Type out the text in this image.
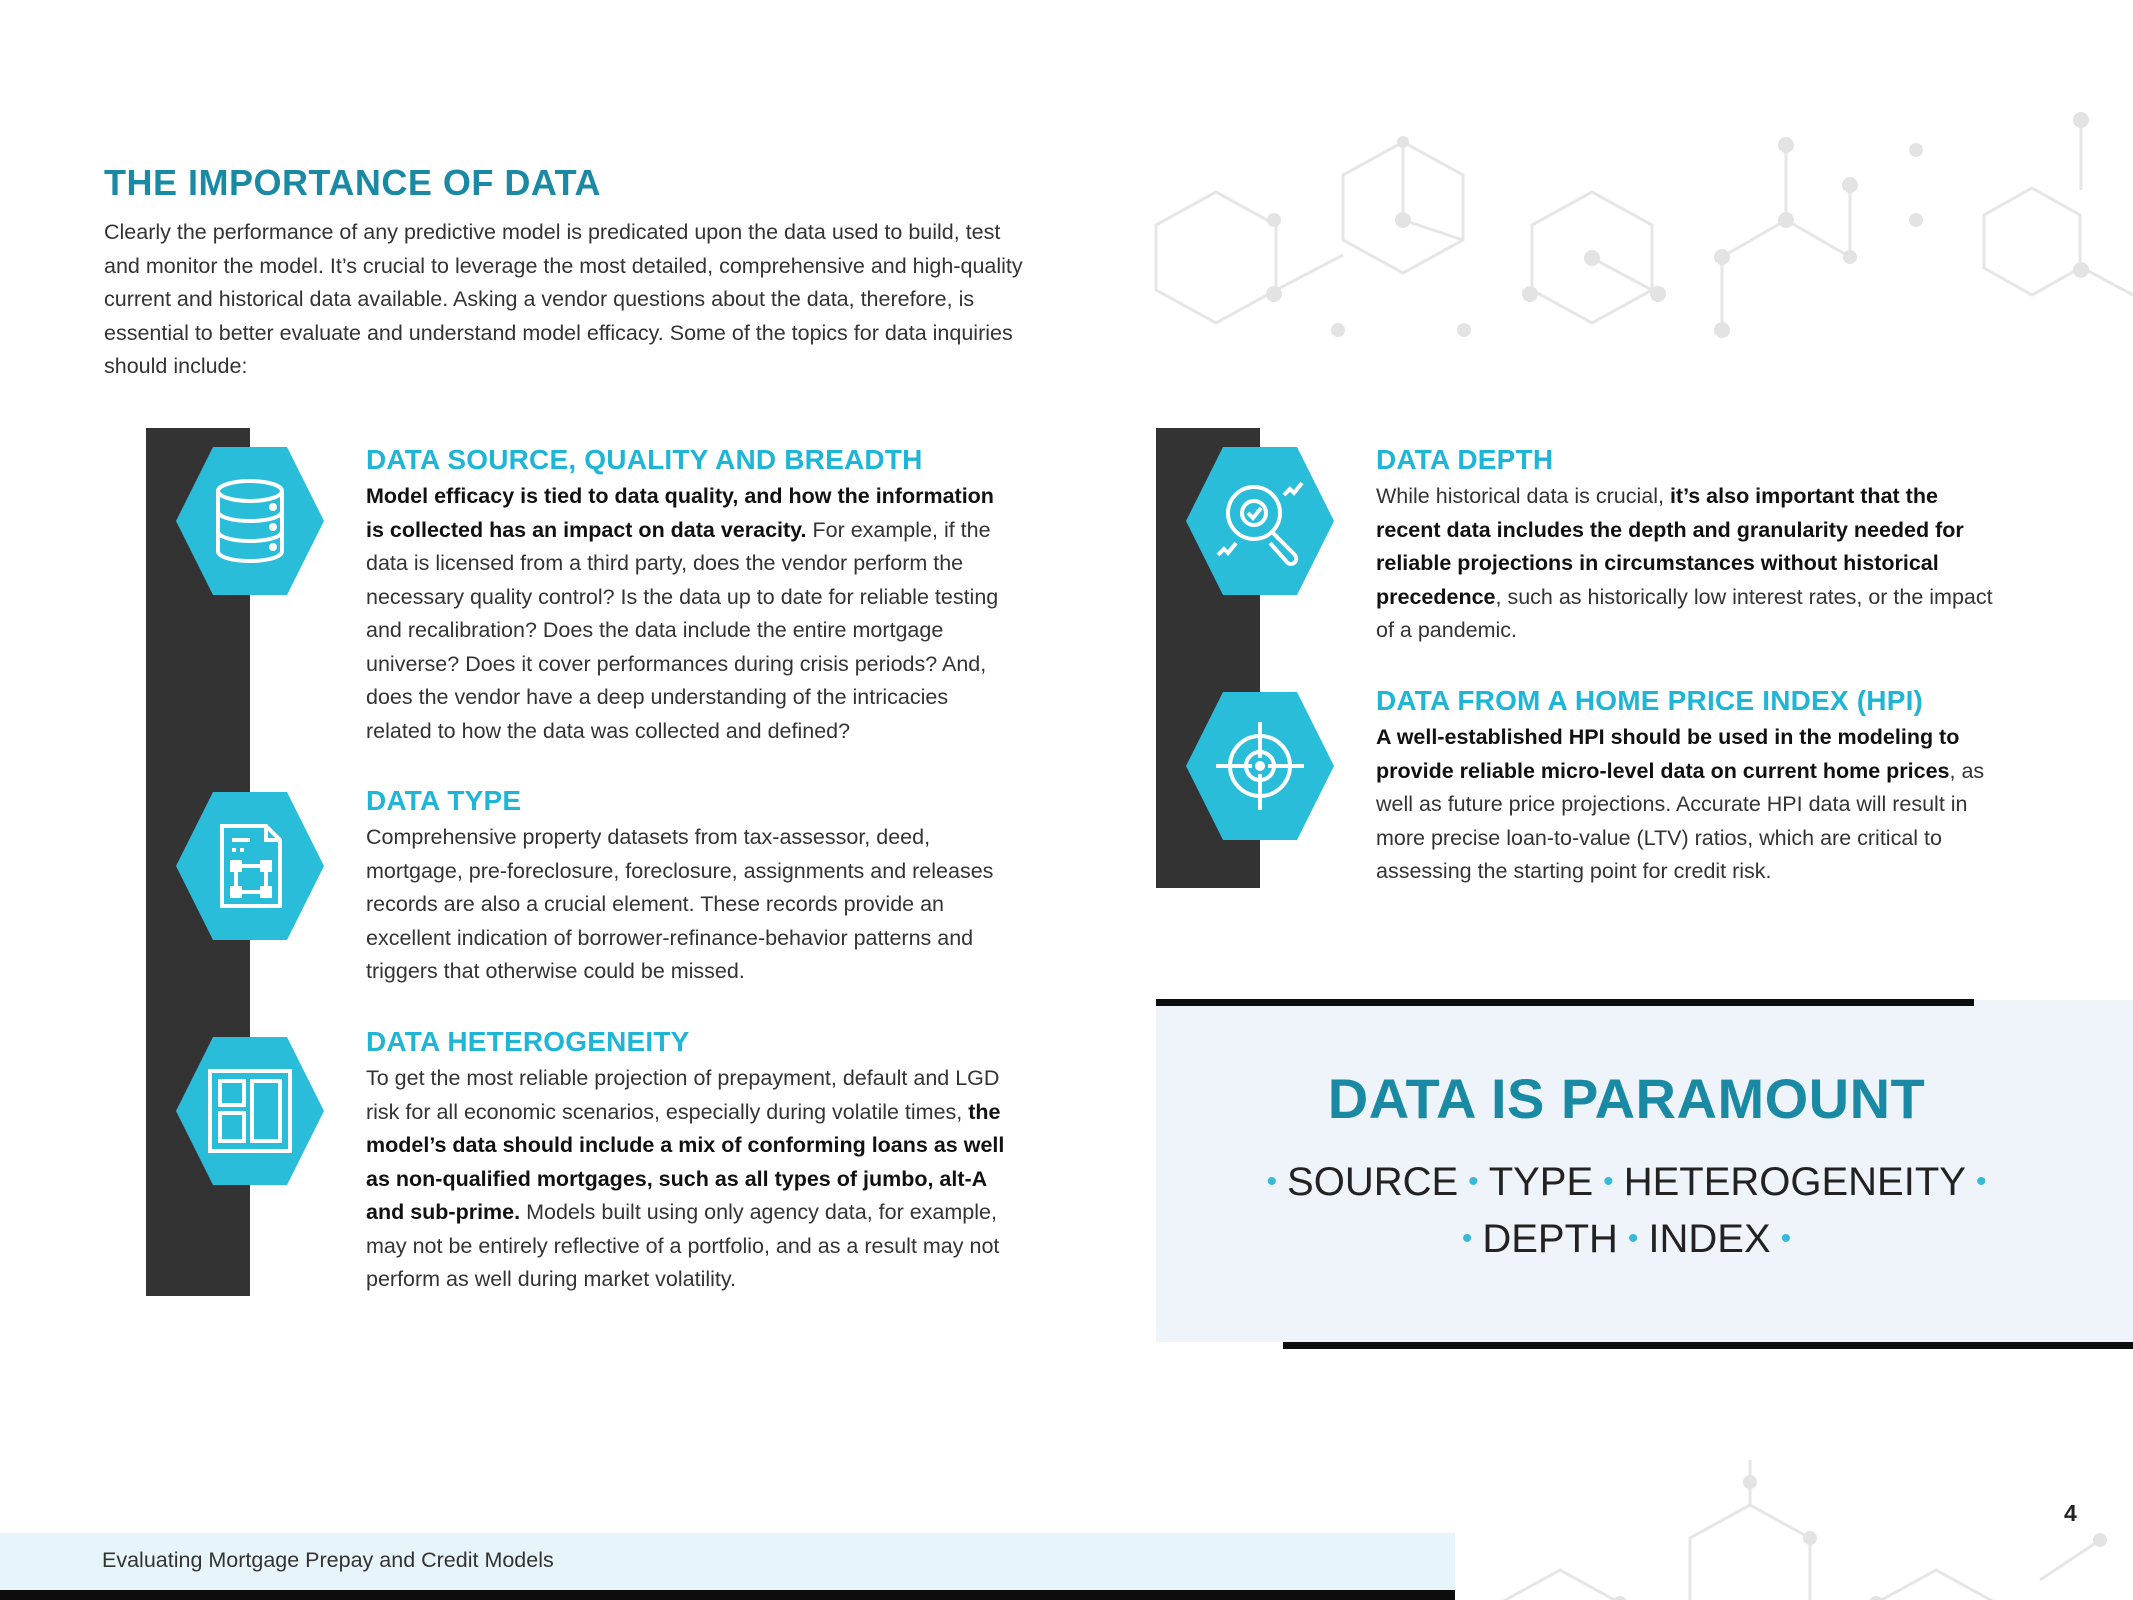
THE IMPORTANCE OF DATA

Clearly the performance of any predictive model is predicated upon the data used to build, test and monitor the model. It’s crucial to leverage the most detailed, comprehensive and high-quality current and historical data available. Asking a vendor questions about the data, therefore, is essential to better evaluate and understand model efficacy. Some of the topics for data inquiries should include:

DATA SOURCE, QUALITY AND BREADTH

Model efficacy is tied to data quality, and how the information is collected has an impact on data veracity. For example, if the data is licensed from a third party, does the vendor perform the necessary quality control? Is the data up to date for reliable testing and recalibration? Does the data include the entire mortgage universe? Does it cover performances during crisis periods? And, does the vendor have a deep understanding of the intricacies related to how the data was collected and defined?

DATA TYPE

Comprehensive property datasets from tax-assessor, deed, mortgage, pre-foreclosure, foreclosure, assignments and releases records are also a crucial element. These records provide an excellent indication of borrower-refinance-behavior patterns and triggers that otherwise could be missed.

DATA HETEROGENEITY

To get the most reliable projection of prepayment, default and LGD risk for all economic scenarios, especially during volatile times, the model’s data should include a mix of conforming loans as well as non-qualified mortgages, such as all types of jumbo, alt-A and sub-prime. Models built using only agency data, for example, may not be entirely reflective of a portfolio, and as a result may not perform as well during market volatility.

DATA DEPTH

While historical data is crucial, it’s also important that the recent data includes the depth and granularity needed for reliable projections in circumstances without historical precedence, such as historically low interest rates, or the impact of a pandemic.

DATA FROM A HOME PRICE INDEX (HPI)

A well-established HPI should be used in the modeling to provide reliable micro-level data on current home prices, as well as future price projections. Accurate HPI data will result in more precise loan-to-value (LTV) ratios, which are critical to assessing the starting point for credit risk.

DATA IS PARAMOUNT
• SOURCE • TYPE • HETEROGENEITY •
• DEPTH • INDEX •
Evaluating Mortgage Prepay and Credit Models
4
